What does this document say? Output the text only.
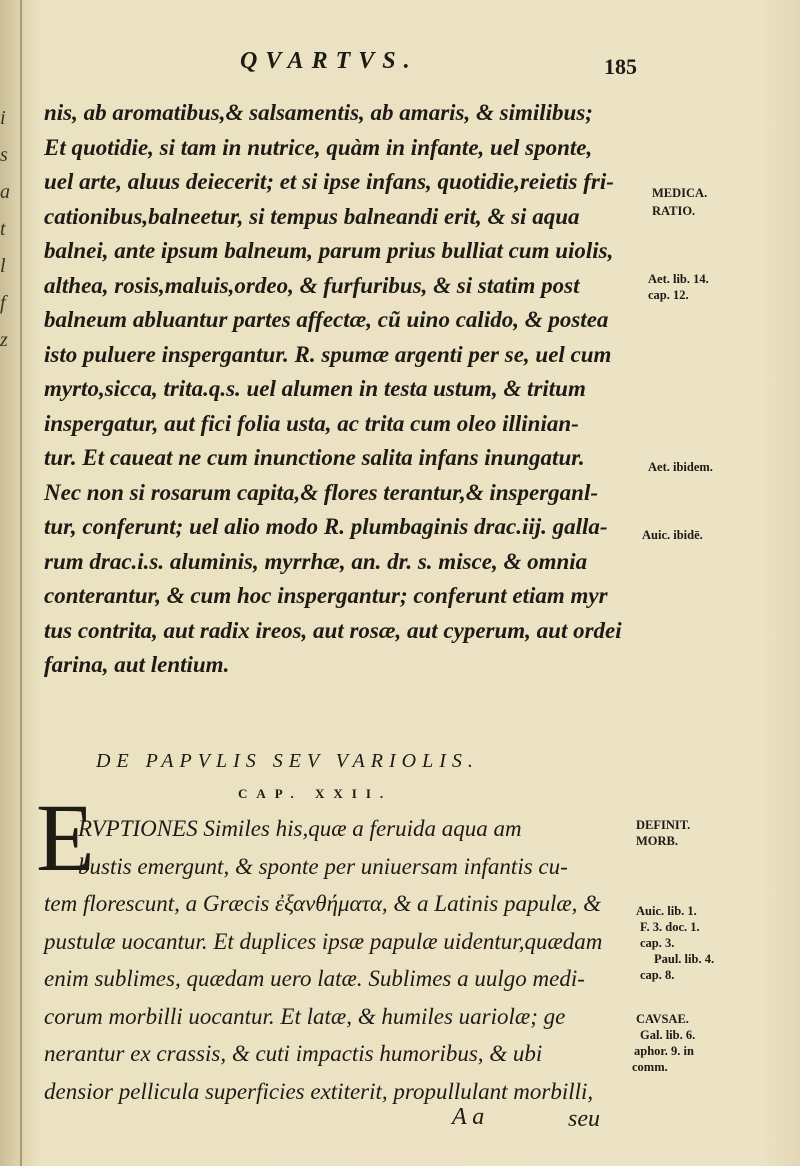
i
s
a
t
l
f
z
QVARTVS.	185
nis, ab aromatibus,& salsamentis, ab amaris, & similibus;
Et quotidie, si tam in nutrice, quàm in infante, uel sponte,
uel arte, aluus deiecerit; et si ipse infans, quotidie,reietis fri-
cationibus,balneetur, si tempus balneandi erit, & si aqua
balnei, ante ipsum balneum, parum prius bulliat cum uiolis,
althea, rosis,maluis,ordeo, & furfuribus, & si statim post
balneum abluantur partes affectæ, cũ uino calido, & postea
isto puluere inspergantur. R. spumæ argenti per se, uel cum
myrto,sicca, trita.q.s. uel alumen in testa ustum, & tritum
inspergatur, aut fici folia usta, ac trita cum oleo illinian-
tur. Et caueat ne cum inunctione salita infans inungatur.
Nec non si rosarum capita,& flores terantur,& insperganl-
tur, conferunt; uel alio modo R. plumbaginis drac.iij. galla-
rum drac.i.s. aluminis, myrrhæ, an. dr. s. misce, & omnia
conterantur, & cum hoc inspergantur; conferunt etiam myr
tus contrita, aut radix ireos, aut rosæ, aut cyperum, aut ordei
farina, aut lentium.
MEDICA.
RATIO.
Aet. lib. 14.
cap. 12.
Aet. ibidem.
Auic. ibidē.
DE PAPVLIS SEV VARIOLIS.
CAP. XXII.
E
RVPTIONES Similes his,quæ a feruida aqua am
bustis emergunt, & sponte per uniuersam infantis cu-
tem florescunt, a Græcis ἐξανθήματα, & a Latinis papulæ, &
pustulæ uocantur. Et duplices ipsæ papulæ uidentur,quædam
enim sublimes, quædam uero latæ. Sublimes a uulgo medi-
corum morbilli uocantur. Et latæ, & humiles uariolæ; ge
nerantur ex crassis, & cuti impactis humoribus, & ubi
densior pellicula superficies extiterit, propullulant morbilli,
DEFINIT.
MORB.
Auic. lib. 1.
F. 3. doc. 1.
cap. 3.
Paul. lib. 4.
cap. 8.
CAVSAE.
Gal. lib. 6.
aphor. 9. in
comm.
A a	seu
